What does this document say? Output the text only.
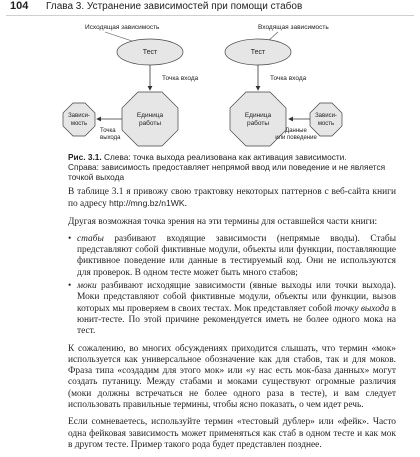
104 Глава 3. Устранение зависимостей при помощи стабов
Исходящая зависимость
Тест
Точка входа
Единица
работы
Зависи-
мость
Точка
выхода
Входящая зависимость
Тест
Точка входа
Единица
работы
Зависи-
мость
Данные
или поведение
Рис. 3.1. Слева: точка выхода реализована как активация зависимости.
Справа: зависимость предоставляет непрямой ввод или поведение и не является
точкой выхода

В таблице 3.1 я привожу свою трактовку некоторых паттернов с веб-сайта книги по адресу http://mng.bz/n1WK.

Другая возможная точка зрения на эти термины для оставшейся части книги:

• стабы разбивают входящие зависимости (непрямые вводы). Стабы представляют собой фиктивные модули, объекты или функции, поставляющие фиктивное поведение или данные в тестируемый код. Они не используются для проверок. В одном тесте может быть много стабов;
• моки разбивают исходящие зависимости (явные выходы или точки выхода). Моки представляют собой фиктивные модули, объекты или функции, вызов которых мы проверяем в своих тестах. Мок представляет собой точку выхода в юнит-тесте. По этой причине рекомендуется иметь не более одного мока на тест.

К сожалению, во многих обсуждениях приходится слышать, что термин «мок» используется как универсальное обозначение как для стабов, так и для моков. Фраза типа «создадим для этого мок» или «у нас есть мок-база данных» могут создать путаницу. Между стабами и моками существуют огромные различия (моки должны встречаться не более одного раза в тесте), и вам следует использовать правильные термины, чтобы ясно показать, о чем идет речь.

Если сомневаетесь, используйте термин «тестовый дублер» или «фейк». Часто одна фейковая зависимость может применяться как стаб в одном тесте и как мок в другом тесте. Пример такого рода будет представлен позднее.
